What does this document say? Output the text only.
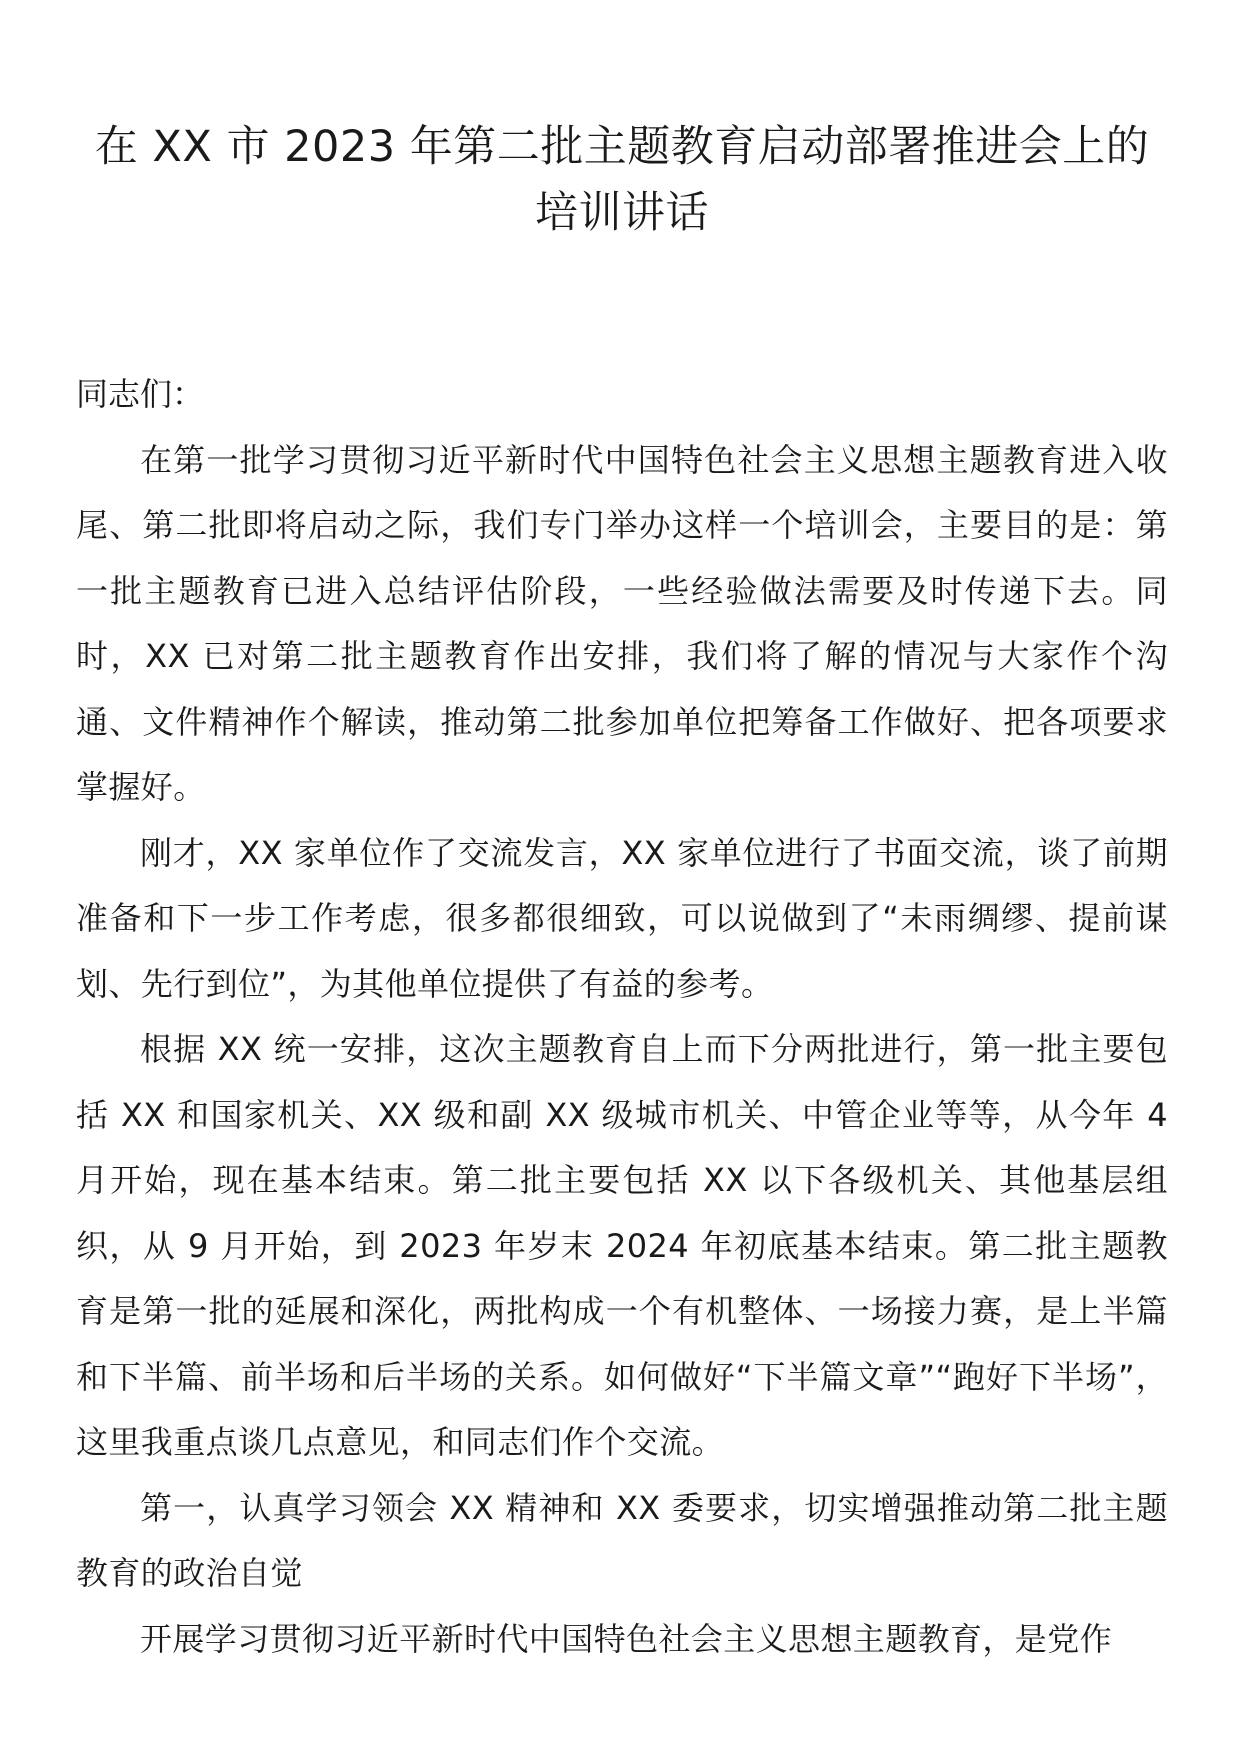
在 XX 市 2023 年第二批主题教育启动部署推进会上的
培训讲话
同志们：

在第一批学习贯彻习近平新时代中国特色社会主义思想主题教育进入收尾、第二批即将启动之际，我们专门举办这样一个培训会，主要目的是：第一批主题教育已进入总结评估阶段，一些经验做法需要及时传递下去。同时，XX 已对第二批主题教育作出安排，我们将了解的情况与大家作个沟通、文件精神作个解读，推动第二批参加单位把筹备工作做好、把各项要求掌握好。

刚才，XX 家单位作了交流发言，XX 家单位进行了书面交流，谈了前期准备和下一步工作考虑，很多都很细致，可以说做到了“未雨绸缪、提前谋划、先行到位”，为其他单位提供了有益的参考。

根据 XX 统一安排，这次主题教育自上而下分两批进行，第一批主要包括 XX 和国家机关、XX 级和副 XX 级城市机关、中管企业等等，从今年 4 月开始，现在基本结束。第二批主要包括 XX 以下各级机关、其他基层组织，从 9 月开始，到 2023 年岁末 2024 年初底基本结束。第二批主题教育是第一批的延展和深化，两批构成一个有机整体、一场接力赛，是上半篇和下半篇、前半场和后半场的关系。如何做好“下半篇文章”“跑好下半场”，这里我重点谈几点意见，和同志们作个交流。

第一，认真学习领会 XX 精神和 XX 委要求，切实增强推动第二批主题教育的政治自觉

开展学习贯彻习近平新时代中国特色社会主义思想主题教育，是党作
